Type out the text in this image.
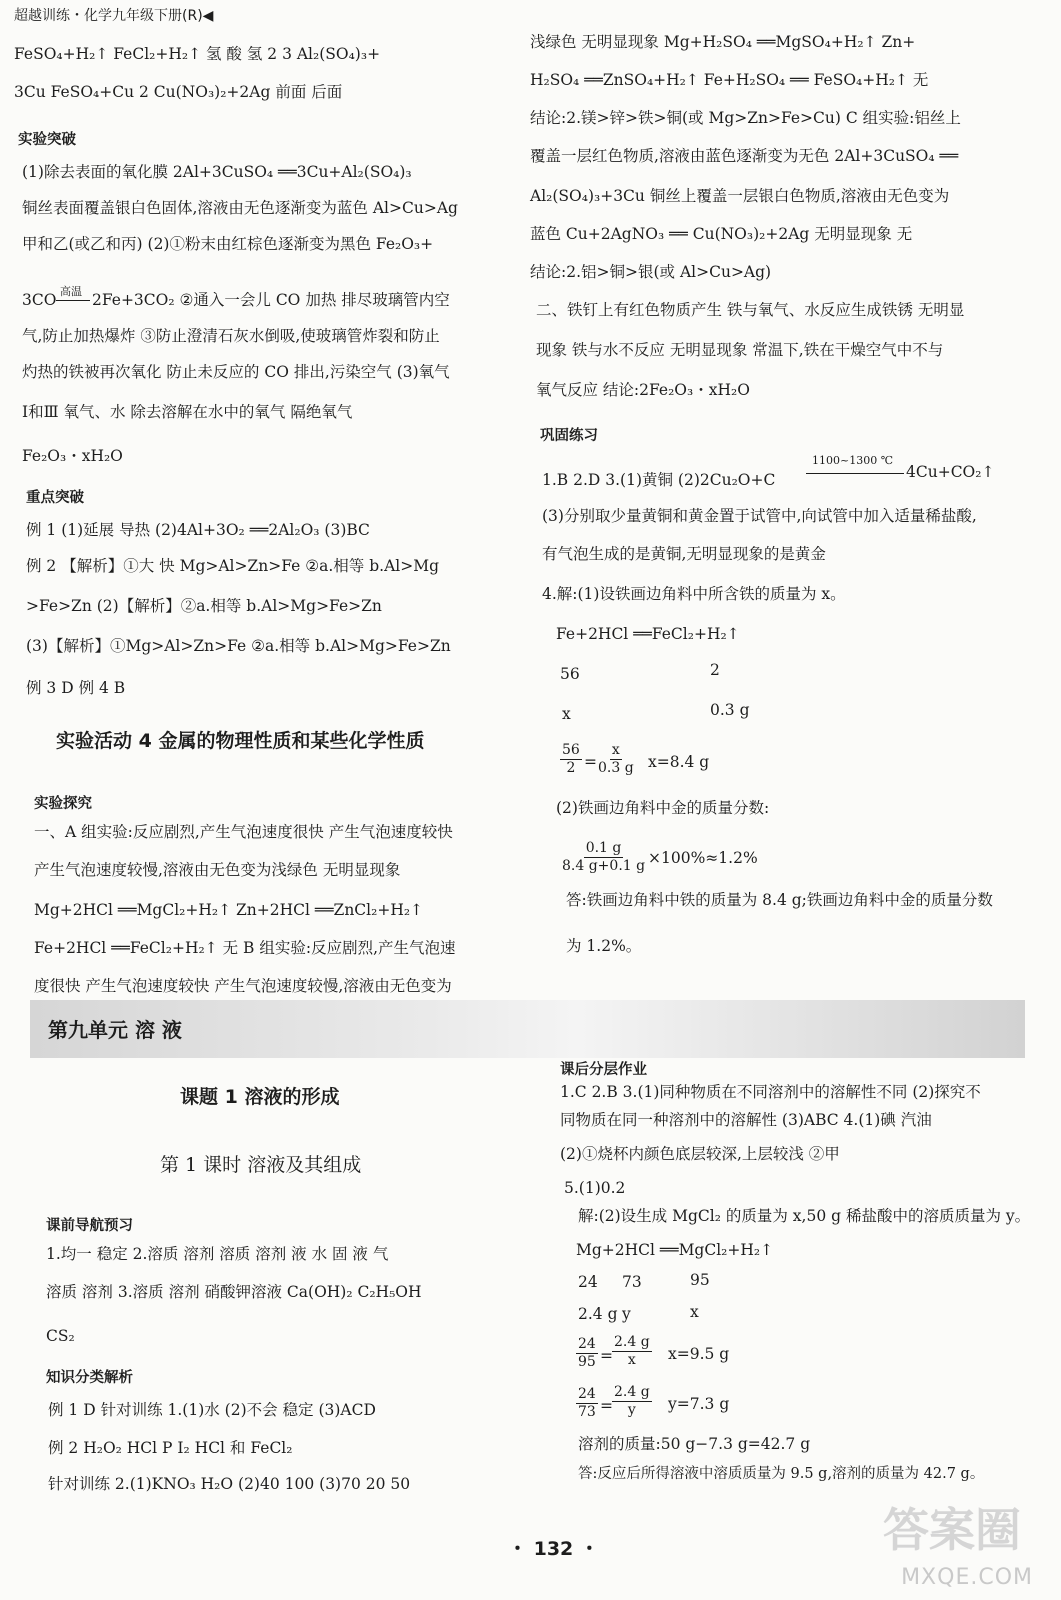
超越训练・化学九年级下册(R)◀
FeSO₄+H₂↑ FeCl₂+H₂↑ 氢 酸 氢 2 3 Al₂(SO₄)₃+
3Cu FeSO₄+Cu 2 Cu(NO₃)₂+2Ag 前面 后面
实验突破
(1)除去表面的氧化膜 2Al+3CuSO₄ ══3Cu+Al₂(SO₄)₃
铜丝表面覆盖银白色固体,溶液由无色逐渐变为蓝色 Al>Cu>Ag
甲和乙(或乙和丙) (2)①粉末由红棕色逐渐变为黑色 Fe₂O₃+
3CO 高温 2Fe+3CO₂ ②通入一会儿 CO 加热 排尽玻璃管内空
气,防止加热爆炸 ③防止澄清石灰水倒吸,使玻璃管炸裂和防止
灼热的铁被再次氧化 防止未反应的 CO 排出,污染空气 (3)氧气
Ⅰ和Ⅲ 氧气、水 除去溶解在水中的氧气 隔绝氧气
Fe₂O₃・xH₂O
重点突破
例 1 (1)延展 导热 (2)4Al+3O₂ ══2Al₂O₃ (3)BC
例 2 【解析】①大 快 Mg>Al>Zn>Fe ②a.相等 b.Al>Mg
>Fe>Zn (2)【解析】②a.相等 b.Al>Mg>Fe>Zn
(3)【解析】①Mg>Al>Zn>Fe ②a.相等 b.Al>Mg>Fe>Zn
例 3 D 例 4 B
实验活动 4 金属的物理性质和某些化学性质
实验探究
一、A 组实验:反应剧烈,产生气泡速度很快 产生气泡速度较快
产生气泡速度较慢,溶液由无色变为浅绿色 无明显现象
Mg+2HCl ══MgCl₂+H₂↑ Zn+2HCl ══ZnCl₂+H₂↑
Fe+2HCl ══FeCl₂+H₂↑ 无 B 组实验:反应剧烈,产生气泡速
度很快 产生气泡速度较快 产生气泡速度较慢,溶液由无色变为
浅绿色 无明显现象 Mg+H₂SO₄ ══MgSO₄+H₂↑ Zn+
H₂SO₄ ══ZnSO₄+H₂↑ Fe+H₂SO₄ ══ FeSO₄+H₂↑ 无
结论:2.镁>锌>铁>铜(或 Mg>Zn>Fe>Cu) C 组实验:铝丝上
覆盖一层红色物质,溶液由蓝色逐渐变为无色 2Al+3CuSO₄ ══
Al₂(SO₄)₃+3Cu 铜丝上覆盖一层银白色物质,溶液由无色变为
蓝色 Cu+2AgNO₃ ══ Cu(NO₃)₂+2Ag 无明显现象 无
结论:2.铝>铜>银(或 Al>Cu>Ag)
二、铁钉上有红色物质产生 铁与氧气、水反应生成铁锈 无明显
现象 铁与水不反应 无明显现象 常温下,铁在干燥空气中不与
氧气反应 结论:2Fe₂O₃・xH₂O
巩固练习
1.B 2.D 3.(1)黄铜 (2)2Cu₂O+C
1100~1300 ℃
4Cu+CO₂↑
(3)分别取少量黄铜和黄金置于试管中,向试管中加入适量稀盐酸,
有气泡生成的是黄铜,无明显现象的是黄金
4.解:(1)设铁画边角料中所含铁的质量为 x。
Fe+2HCl ══FeCl₂+H₂↑
56	2
x	0.3 g
$\frac{56}{2} = \frac{x}{0.3 g} x=8.4$ g
(2)铁画边角料中金的质量分数:
$\frac{0.1 g}{8.4 g+0.1 g} \times 100\%\approx 1.2\%$
答:铁画边角料中铁的质量为 8.4 g;铁画边角料中金的质量分数
为 1.2%。
第九单元 溶 液
课题 1 溶液的形成
第 1 课时 溶液及其组成
课前导航预习
1.均一 稳定 2.溶质 溶剂 溶质 溶剂 液 水 固 液 气
溶质 溶剂 3.溶质 溶剂 硝酸钾溶液 Ca(OH)₂ C₂H₅OH
CS₂
知识分类解析
例 1 D 针对训练 1.(1)水 (2)不会 稳定 (3)ACD
例 2 H₂O₂ HCl P I₂ HCl 和 FeCl₂
针对训练 2.(1)KNO₃ H₂O (2)40 100 (3)70 20 50
课后分层作业
1.C 2.B 3.(1)同种物质在不同溶剂中的溶解性不同 (2)探究不
同物质在同一种溶剂中的溶解性 (3)ABC 4.(1)碘 汽油
(2)①烧杯内颜色底层较深,上层较浅 ②甲
5.(1)0.2
解:(2)设生成 MgCl₂ 的质量为 x,50 g 稀盐酸中的溶质质量为 y。
Mg+2HCl ══MgCl₂+H₂↑
24 73	95
2.4 g y	x
$\frac{24}{95} = \frac{2.4 g}{x} x=9.5$ g
$\frac{24}{73} = \frac{2.4 g}{y} y=7.3$ g
溶剂的质量:50 g−7.3 g=42.7 g
答:反应后所得溶液中溶质质量为 9.5 g,溶剂的质量为 42.7 g。
・ 132 ・	答案圈
MXQE.COM
